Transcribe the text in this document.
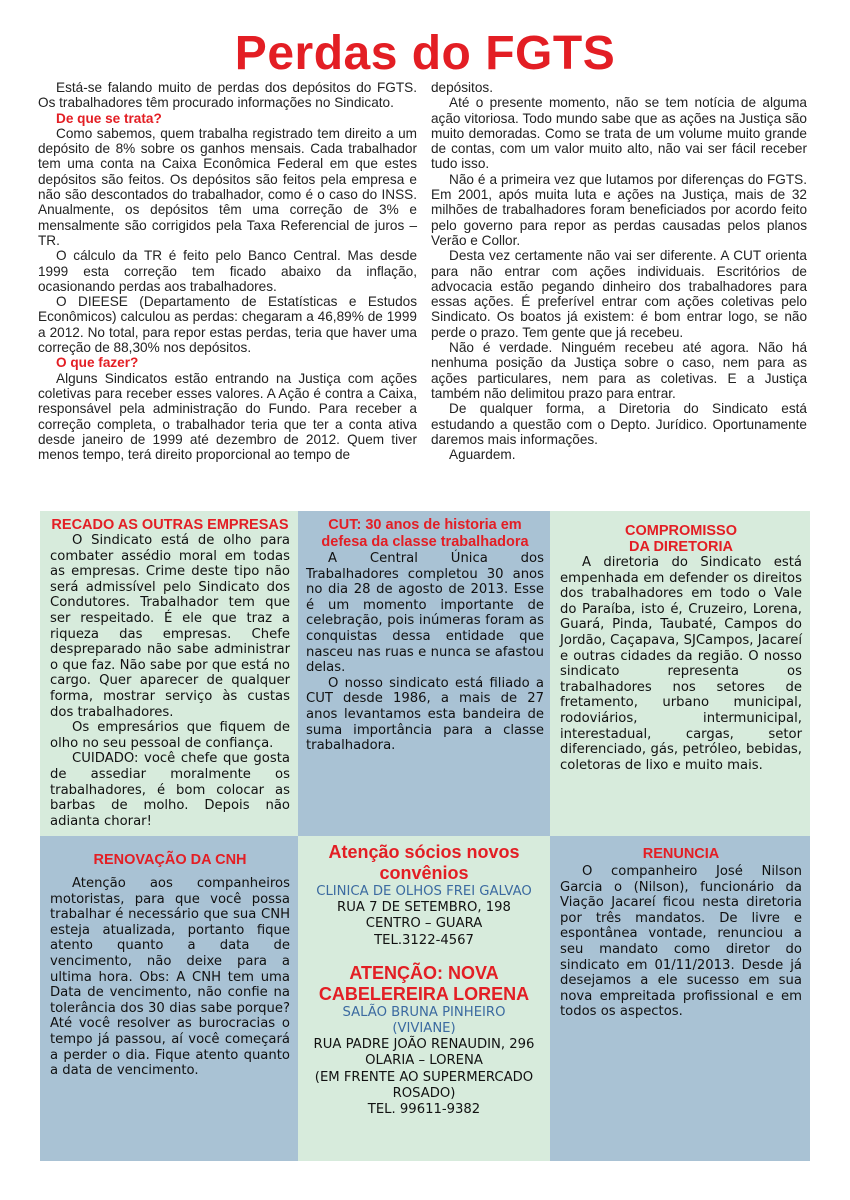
Perdas do FGTS

Está-se falando muito de perdas dos depósitos do FGTS. Os trabalhadores têm procurado informações no Sindicato.

De que se trata?

Como sabemos, quem trabalha registrado tem direito a um depósito de 8% sobre os ganhos mensais. Cada trabalhador tem uma conta na Caixa Econômica Federal em que estes depósitos são feitos. Os depósitos são feitos pela empresa e não são descontados do trabalhador, como é o caso do INSS. Anualmente, os depósitos têm uma correção de 3% e mensalmente são corrigidos pela Taxa Referencial de juros – TR.

O cálculo da TR é feito pelo Banco Central. Mas desde 1999 esta correção tem ficado abaixo da inflação, ocasionando perdas aos trabalhadores.

O DIEESE (Departamento de Estatísticas e Estudos Econômicos) calculou as perdas: chegaram a 46,89% de 1999 a 2012. No total, para repor estas perdas, teria que haver uma correção de 88,30% nos depósitos.

O que fazer?

Alguns Sindicatos estão entrando na Justiça com ações coletivas para receber esses valores. A Ação é contra a Caixa, responsável pela administração do Fundo. Para receber a correção completa, o trabalhador teria que ter a conta ativa desde janeiro de 1999 até dezembro de 2012. Quem tiver menos tempo, terá direito proporcional ao tempo de

depósitos.

Até o presente momento, não se tem notícia de alguma ação vitoriosa. Todo mundo sabe que as ações na Justiça são muito demoradas. Como se trata de um volume muito grande de contas, com um valor muito alto, não vai ser fácil receber tudo isso.

Não é a primeira vez que lutamos por diferenças do FGTS. Em 2001, após muita luta e ações na Justiça, mais de 32 milhões de trabalhadores foram beneficiados por acordo feito pelo governo para repor as perdas causadas pelos planos Verão e Collor.

Desta vez certamente não vai ser diferente. A CUT orienta para não entrar com ações individuais. Escritórios de advocacia estão pegando dinheiro dos trabalhadores para essas ações. É preferível entrar com ações coletivas pelo Sindicato. Os boatos já existem: é bom entrar logo, se não perde o prazo. Tem gente que já recebeu.

Não é verdade. Ninguém recebeu até agora. Não há nenhuma posição da Justiça sobre o caso, nem para as ações particulares, nem para as coletivas. E a Justiça também não delimitou prazo para entrar.

De qualquer forma, a Diretoria do Sindicato está estudando a questão com o Depto. Jurídico. Oportunamente daremos mais informações.

Aguardem.

RECADO AS OUTRAS EMPRESAS

O Sindicato está de olho para combater assédio moral em todas as empresas. Crime deste tipo não será admissível pelo Sindicato dos Condutores. Trabalhador tem que ser respeitado. É ele que traz a riqueza das empresas. Chefe despreparado não sabe administrar o que faz. Não sabe por que está no cargo. Quer aparecer de qualquer forma, mostrar serviço às custas dos trabalhadores.

Os empresários que fiquem de olho no seu pessoal de confiança.

CUIDADO: você chefe que gosta de assediar moralmente os trabalhadores, é bom colocar as barbas de molho. Depois não adianta chorar!

CUT: 30 anos de historia em defesa da classe trabalhadora

A Central Única dos Trabalhadores completou 30 anos no dia 28 de agosto de 2013. Esse é um momento importante de celebração, pois inúmeras foram as conquistas dessa entidade que nasceu nas ruas e nunca se afastou delas.

O nosso sindicato está filiado a CUT desde 1986, a mais de 27 anos levantamos esta bandeira de suma importância para a classe trabalhadora.

COMPROMISSO
DA DIRETORIA

A diretoria do Sindicato está empenhada em defender os direitos dos trabalhadores em todo o Vale do Paraíba, isto é, Cruzeiro, Lorena, Guará, Pinda, Taubaté, Campos do Jordão, Caçapava, SJCampos, Jacareí e outras cidades da região. O nosso sindicato representa os trabalhadores nos setores de fretamento, urbano municipal, rodoviários, intermunicipal, interestadual, cargas, setor diferenciado, gás, petróleo, bebidas, coletoras de lixo e muito mais.

RENOVAÇÃO DA CNH

Atenção aos companheiros motoristas, para que você possa trabalhar é necessário que sua CNH esteja atualizada, portanto fique atento quanto a data de vencimento, não deixe para a ultima hora. Obs: A CNH tem uma Data de vencimento, não confie na tolerância dos 30 dias sabe porque? Até você resolver as burocracias o tempo já passou, aí você começará a perder o dia. Fique atento quanto a data de vencimento.

Atenção sócios novos convênios
CLINICA DE OLHOS FREI GALVAO
RUA 7 DE SETEMBRO, 198
CENTRO – GUARA
TEL.3122-4567
ATENÇÃO: NOVA CABELEREIRA LORENA
SALÃO BRUNA PINHEIRO
(VIVIANE)
RUA PADRE JOÃO RENAUDIN, 296
OLARIA – LORENA
(EM FRENTE AO SUPERMERCADO ROSADO)
TEL. 99611-9382
RENUNCIA

O companheiro José Nilson Garcia o (Nilson), funcionário da Viação Jacareí ficou nesta diretoria por três mandatos. De livre e espontânea vontade, renunciou a seu mandato como diretor do sindicato em 01/11/2013. Desde já desejamos a ele sucesso em sua nova empreitada profissional e em todos os aspectos.
